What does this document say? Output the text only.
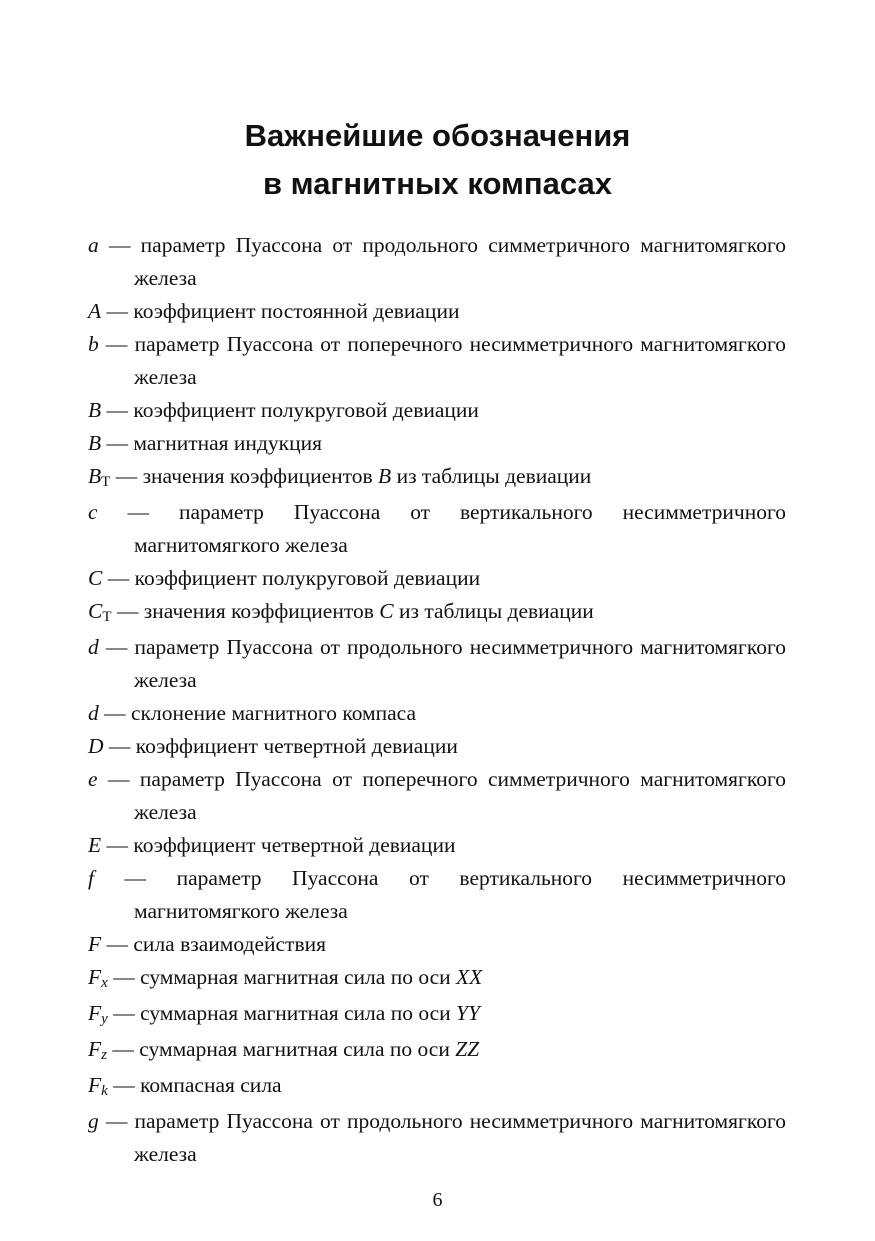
Важнейшие обозначения
в магнитных компасах

a — параметр Пуассона от продольного симметричного магнитомягкого железа

A — коэффициент постоянной девиации

b — параметр Пуассона от поперечного несимметричного магнитомягкого железа

B — коэффициент полукруговой девиации

B — магнитная индукция

BТ — значения коэффициентов B из таблицы девиации

c — параметр Пуассона от вертикального несимметричного магнитомягкого железа

C — коэффициент полукруговой девиации

CТ — значения коэффициентов C из таблицы девиации

d — параметр Пуассона от продольного несимметричного магнитомягкого железа

d — склонение магнитного компаса

D — коэффициент четвертной девиации

e — параметр Пуассона от поперечного симметричного магнитомягкого железа

E — коэффициент четвертной девиации

f — параметр Пуассона от вертикального несимметричного магнитомягкого железа

F — сила взаимодействия

Fx — суммарная магнитная сила по оси XX

Fy — суммарная магнитная сила по оси YY

Fz — суммарная магнитная сила по оси ZZ

Fk — компасная сила

g — параметр Пуассона от продольного несимметричного магнитомягкого железа

6
